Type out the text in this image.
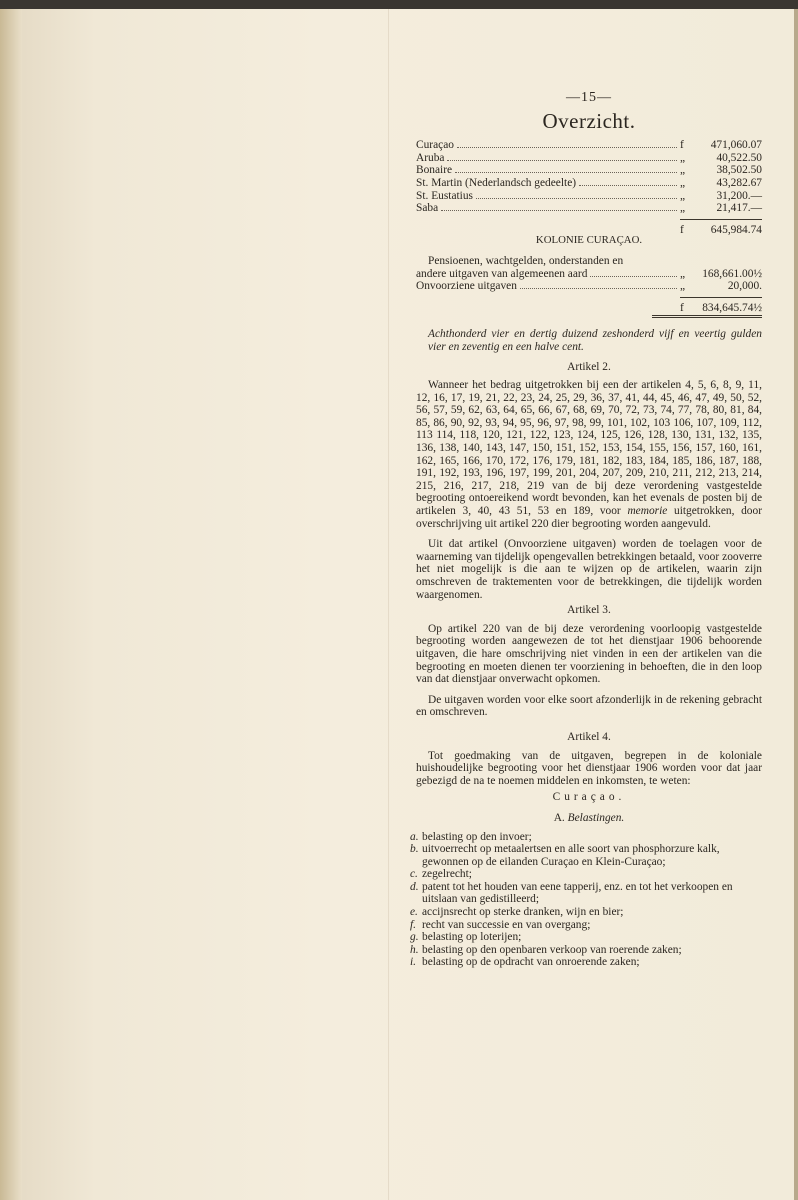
—15—
Overzicht.
Curaçao	f 471,060.07
Aruba	„	40,522.50
Bonaire	„	38,502.50
St. Martin (Nederlandsch gedeelte)	„	43,282.67
St. Eustatius	„	31,200.—
Saba	„	21,417.—
f 645,984.74
KOLONIE CURAÇAO.
Pensioenen, wachtgelden, onderstanden en
andere uitgaven van algemeenen aard	„ 168,661.00½
Onvoorziene uitgaven	„	20,000.
f 834,645.74½

Achthonderd vier en dertig duizend zeshonderd vijf en veertig gulden vier en zeventig en een halve cent.

Artikel 2.

Wanneer het bedrag uitgetrokken bij een der artikelen 4, 5, 6, 8, 9, 11, 12, 16, 17, 19, 21, 22, 23, 24, 25, 29, 36, 37, 41, 44, 45, 46, 47, 49, 50, 52, 56, 57, 59, 62, 63, 64, 65, 66, 67, 68, 69, 70, 72, 73, 74, 77, 78, 80, 81, 84, 85, 86, 90, 92, 93, 94, 95, 96, 97, 98, 99, 101, 102, 103 106, 107, 109, 112, 113 114, 118, 120, 121, 122, 123, 124, 125, 126, 128, 130, 131, 132, 135, 136, 138, 140, 143, 147, 150, 151, 152, 153, 154, 155, 156, 157, 160, 161, 162, 165, 166, 170, 172, 176, 179, 181, 182, 183, 184, 185, 186, 187, 188, 191, 192, 193, 196, 197, 199, 201, 204, 207, 209, 210, 211, 212, 213, 214, 215, 216, 217, 218, 219 van de bij deze verordening vastgestelde begrooting ontoereikend wordt bevonden, kan het evenals de posten bij de artikelen 3, 40, 43 51, 53 en 189, voor memorie uitgetrokken, door overschrijving uit artikel 220 dier begrooting worden aangevuld.

Uit dat artikel (Onvoorziene uitgaven) worden de toelagen voor de waarneming van tijdelijk opengevallen betrekkingen betaald, voor zooverre het niet mogelijk is die aan te wijzen op de artikelen, waarin zijn omschreven de traktementen voor de betrekkingen, die tijdelijk worden waargenomen.

Artikel 3.

Op artikel 220 van de bij deze verordening voorloopig vastgestelde begrooting worden aangewezen de tot het dienstjaar 1906 behoorende uitgaven, die hare omschrijving niet vinden in een der artikelen van die begrooting en moeten dienen ter voorziening in behoeften, die in den loop van dat dienstjaar onverwacht opkomen.

De uitgaven worden voor elke soort afzonderlijk in de rekening gebracht en omschreven.

Artikel 4.

Tot goedmaking van de uitgaven, begrepen in de koloniale huishoudelijke begrooting voor het dienstjaar 1906 worden voor dat jaar gebezigd de na te noemen middelen en inkomsten, te weten:

Curaçao.
A. Belastingen.
a. belasting op den invoer;
b. uitvoerrecht op metaalertsen en alle soort van phosphorzure kalk, gewonnen op de eilanden Curaçao en Klein-Curaçao;
c. zegelrecht;
d. patent tot het houden van eene tapperij, enz. en tot het verkoopen en uitslaan van gedistilleerd;
e. accijnsrecht op sterke dranken, wijn en bier;
f. recht van successie en van overgang;
g. belasting op loterijen;
h. belasting op den openbaren verkoop van roerende zaken;
i. belasting op de opdracht van onroerende zaken;
